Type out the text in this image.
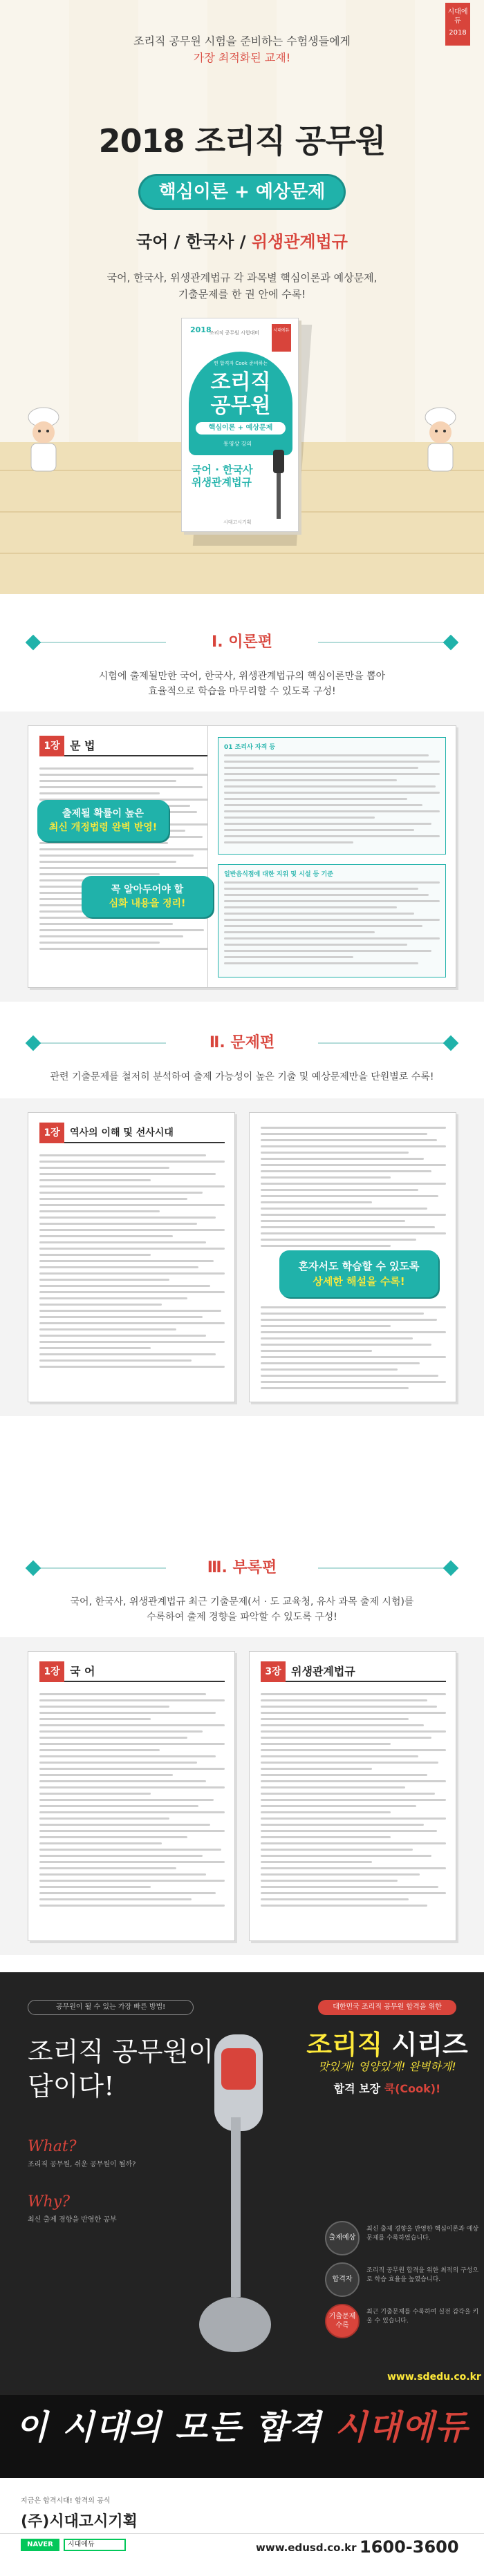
시대에듀
2018
조리직 공무원 시험을 준비하는 수험생들에게
가장 최적화된 교재!
2018 조리직 공무원
핵심이론 + 예상문제
국어 / 한국사 / 위생관계법규
국어, 한국사, 위생관계법규 각 과목별 핵심이론과 예상문제,
기출문제를 한 권 안에 수록!
2018
조리직 공무원 시험대비	시대에듀
찐 합격자 Cook 준비하는
조리직
공무원
핵심이론 + 예상문제
통영상 강의
국어 · 한국사
위생관계법규
시대고시기획
Ⅰ. 이론편
시험에 출제될만한 국어, 한국사, 위생관계법규의 핵심이론만을 뽑아
효율적으로 학습을 마무리할 수 있도록 구성!
1장 문 법	01 조리사 자격 등
일반음식점에 대한 지위 및 시설 등 기준
출제될 확률이 높은
최신 개정법령 완벽 반영!
꼭 알아두어야 할
심화 내용을 정리!
Ⅱ. 문제편
관련 기출문제를 철저히 분석하여 출제 가능성이 높은 기출 및 예상문제만을 단원별로 수록!
1장	역사의 이해 및 선사시대
혼자서도 학습할 수 있도록
상세한 해설을 수록!
Ⅲ. 부록편
국어, 한국사, 위생관계법규 최근 기출문제(서 · 도 교육청, 유사 과목 출제 시험)를
수록하여 출제 경향을 파악할 수 있도록 구성!
1장 국 어	3장 위생관계법규
공무원이 될 수 있는 가장 빠른 방법!
조리직 공무원이
답이다!
What?
조리직 공무원, 쉬운 공무원이 될까?
Why?
최신 출제 경향을 반영한 공부
대한민국 조리직 공무원 합격을 위한
조리직 시리즈
맛있게! 영양있게! 완벽하게!
합격 보장 쿡(Cook)!
출제예상
최신 출제 경향을 반영한 핵심이론과 예상문제를 수록하였습니다.
합격자
조리직 공무원 합격을 위한 최적의 구성으로 학습 효율을 높였습니다.
기출문제 수록
최근 기출문제를 수록하여 실전 감각을 키울 수 있습니다.
www.sdedu.co.kr
이 시대의 모든 합격 시대에듀
지금은 합격시대! 합격의 공식
(주)시대고시기획
NAVER	시대에듀	www.edusd.co.kr 1600-3600
